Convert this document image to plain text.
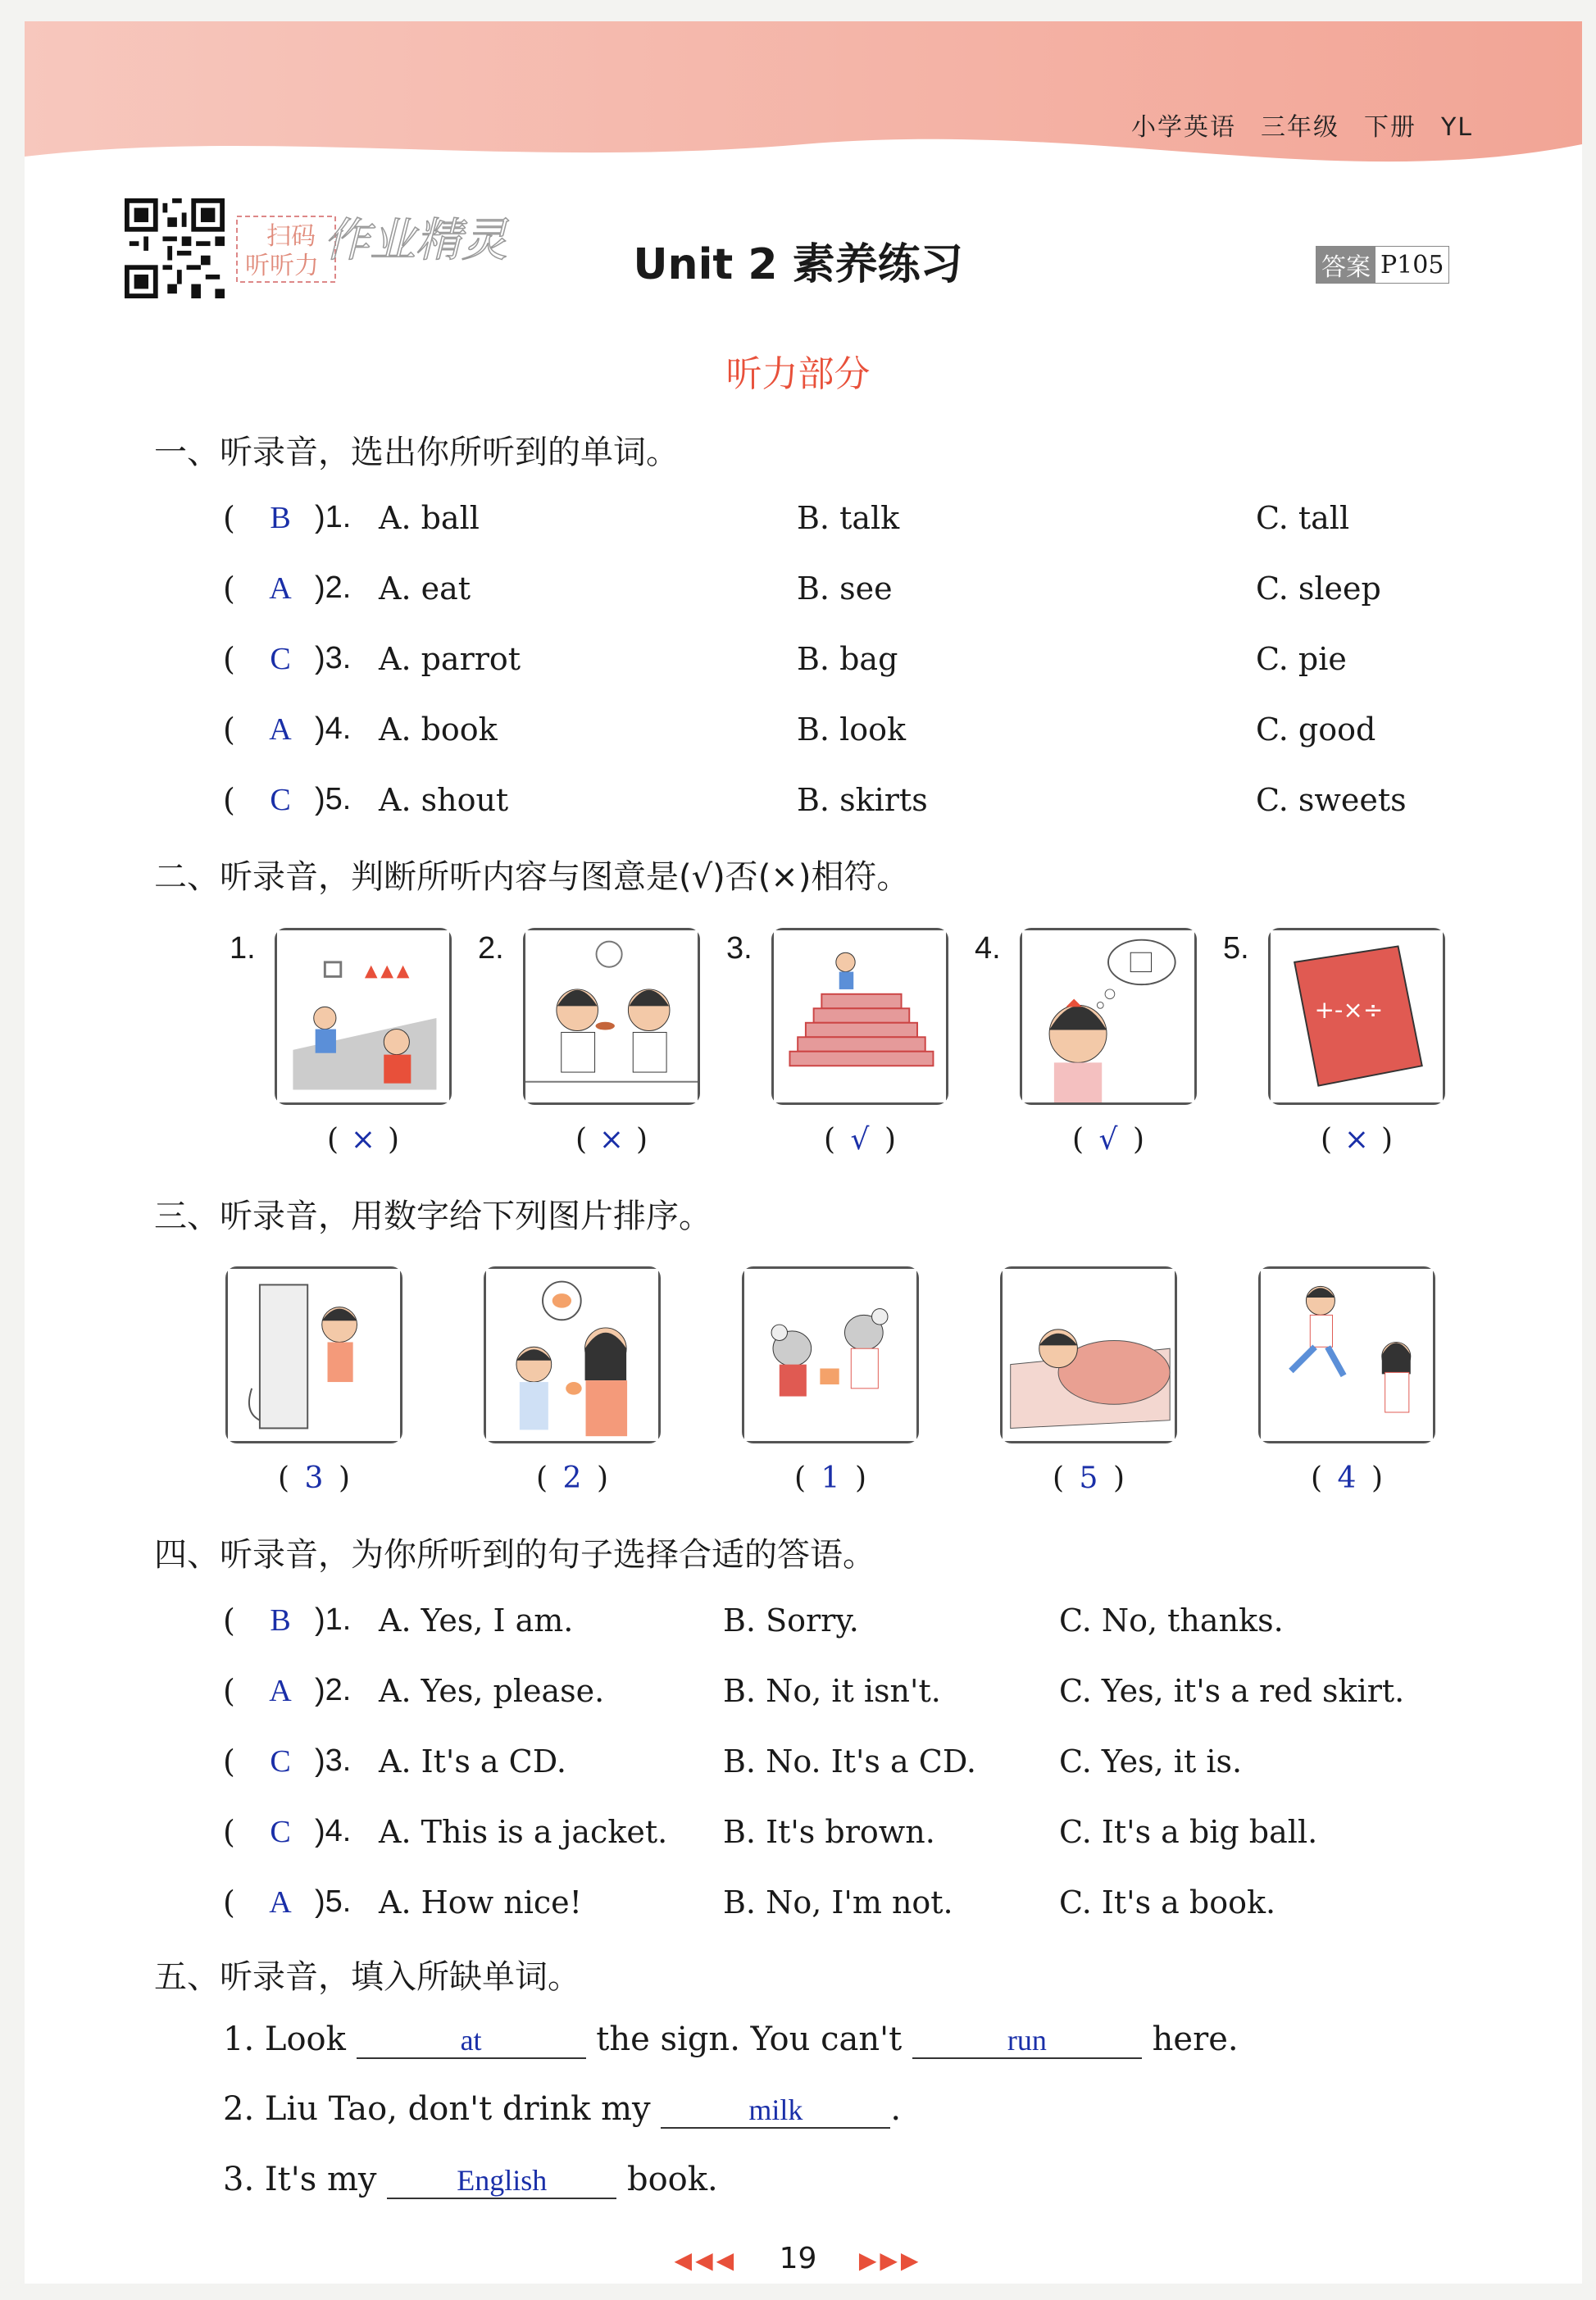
小学英语 三年级 下册 YL
扫码
听听力 作业精灵	Unit 2 素养练习	答案 P105
听力部分
一、听录音，选出你所听到的单词。
( B )1. A. ball	B. talk	C. tall
( A )2. A. eat	B. see	C. sleep
( C )3. A. parrot	B. bag	C. pie
( A )4. A. book	B. look	C. good
( C )5. A. shout	B. skirts	C. sweets
二、听录音，判断所听内容与图意是(√)否(×)相符。
1.
( × )
2.
( × )
3.
( √ )
4.
( √ )
+-×÷
5.
( × )
三、听录音，用数字给下列图片排序。
( 3 )	( 2 )	( 1 )	( 5 )	( 4 )
四、听录音，为你所听到的句子选择合适的答语。
( B )1. A. Yes, I am.	B. Sorry.	C. No, thanks.
( A )2. A. Yes, please.	B. No, it isn't.	C. Yes, it's a red skirt.
( C )3. A. It's a CD.	B. No. It's a CD.	C. Yes, it is.
( C )4. A. This is a jacket. B. It's brown.	C. It's a big ball.
( A )5. A. How nice!	B. No, I'm not.	C. It's a book.
五、听录音，填入所缺单词。
1. Look	at	the sign. You can't	run	here.
2. Liu Tao, don't drink my	milk	.
3. It's my	English book.
◀◀◀ 19 ▶▶▶
